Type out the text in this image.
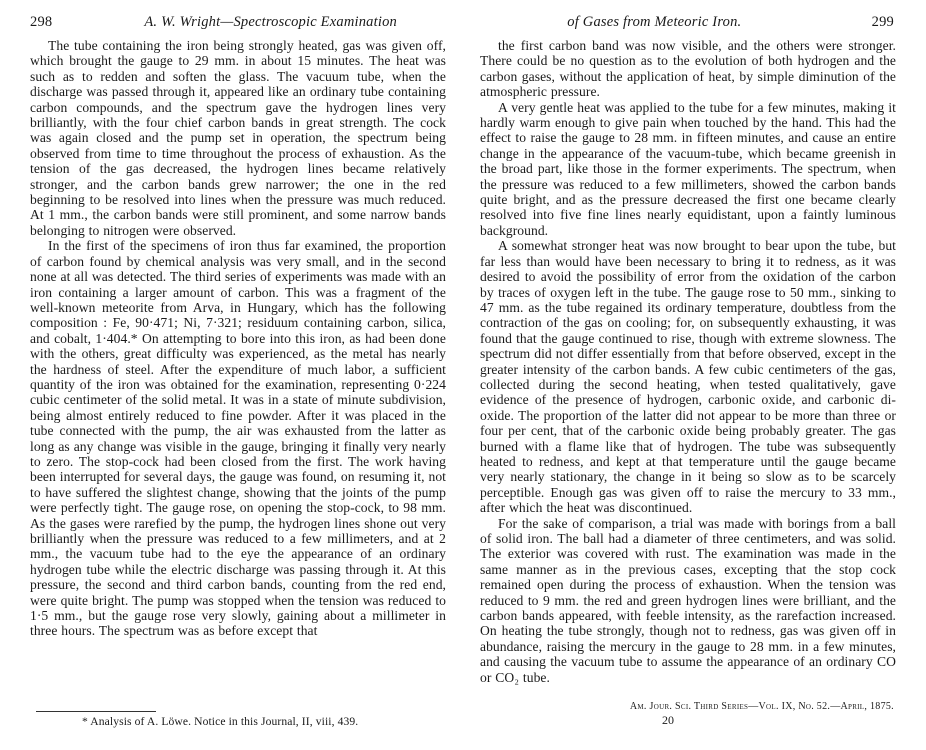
298	A. W. Wright—Spectroscopic Examination	of Gases from Meteoric Iron.	299

The tube containing the iron being strongly heated, gas was given off, which brought the gauge to 29 mm. in about 15 minutes. The heat was such as to redden and soften the glass. The vacuum tube, when the discharge was passed through it, appeared like an ordinary tube containing carbon compounds, and the spectrum gave the hydrogen lines very brilliantly, with the four chief carbon bands in great strength. The cock was again closed and the pump set in operation, the spectrum being observed from time to time throughout the process of exhaustion. As the tension of the gas decreased, the hydrogen lines became relatively stronger, and the carbon bands grew narrower; the one in the red beginning to be resolved into lines when the pressure was much reduced. At 1 mm., the carbon bands were still prominent, and some narrow bands belonging to nitrogen were observed.

In the first of the specimens of iron thus far examined, the proportion of carbon found by chemical analysis was very small, and in the second none at all was detected. The third series of experiments was made with an iron containing a larger amount of carbon. This was a fragment of the well-known meteorite from Arva, in Hungary, which has the following composition : Fe, 90·471; Ni, 7·321; residuum containing carbon, silica, and cobalt, 1·404.* On attempting to bore into this iron, as had been done with the others, great difficulty was experienced, as the metal has nearly the hardness of steel. After the expenditure of much labor, a sufficient quantity of the iron was obtained for the examination, representing 0·224 cubic centimeter of the solid metal. It was in a state of minute subdivision, being almost entirely reduced to fine powder. After it was placed in the tube connected with the pump, the air was exhausted from the latter as long as any change was visible in the gauge, bringing it finally very nearly to zero. The stop-cock had been closed from the first. The work having been interrupted for several days, the gauge was found, on resuming it, not to have suffered the slightest change, showing that the joints of the pump were perfectly tight. The gauge rose, on opening the stop-cock, to 98 mm. As the gases were rarefied by the pump, the hydrogen lines shone out very brilliantly when the pressure was reduced to a few millimeters, and at 2 mm., the vacuum tube had to the eye the appearance of an ordinary hydrogen tube while the electric discharge was passing through it. At this pressure, the second and third carbon bands, counting from the red end, were quite bright. The pump was stopped when the tension was reduced to 1·5 mm., but the gauge rose very slowly, gaining about a millimeter in three hours. The spectrum was as before except that

* Analysis of A. Löwe. Notice in this Journal, II, viii, 439.

the first carbon band was now visible, and the others were stronger. There could be no question as to the evolution of both hydrogen and the carbon gases, without the application of heat, by simple diminution of the atmospheric pressure.

A very gentle heat was applied to the tube for a few minutes, making it hardly warm enough to give pain when touched by the hand. This had the effect to raise the gauge to 28 mm. in fifteen minutes, and cause an entire change in the appearance of the vacuum-tube, which became greenish in the broad part, like those in the former experiments. The spectrum, when the pressure was reduced to a few millimeters, showed the carbon bands quite bright, and as the pressure decreased the first one became clearly resolved into five fine lines nearly equidistant, upon a faintly luminous background.

A somewhat stronger heat was now brought to bear upon the tube, but far less than would have been necessary to bring it to redness, as it was desired to avoid the possibility of error from the oxidation of the carbon by traces of oxygen left in the tube. The gauge rose to 50 mm., sinking to 47 mm. as the tube regained its ordinary temperature, doubtless from the contraction of the gas on cooling; for, on subsequently exhausting, it was found that the gauge continued to rise, though with extreme slowness. The spectrum did not differ essentially from that before observed, except in the greater intensity of the carbon bands. A few cubic centimeters of the gas, collected during the second heating, when tested qualitatively, gave evidence of the presence of hydrogen, carbonic oxide, and carbonic di-oxide. The proportion of the latter did not appear to be more than three or four per cent, that of the carbonic oxide being probably greater. The gas burned with a flame like that of hydrogen. The tube was subsequently heated to redness, and kept at that temperature until the gauge became very nearly stationary, the change in it being so slow as to be scarcely perceptible. Enough gas was given off to raise the mercury to 33 mm., after which the heat was discontinued.

For the sake of comparison, a trial was made with borings from a ball of solid iron. The ball had a diameter of three centimeters, and was solid. The exterior was covered with rust. The examination was made in the same manner as in the previous cases, excepting that the stop cock remained open during the process of exhaustion. When the tension was reduced to 9 mm. the red and green hydrogen lines were brilliant, and the carbon bands appeared, with feeble intensity, as the rarefaction increased. On heating the tube strongly, though not to redness, gas was given off in abundance, raising the mercury in the gauge to 28 mm. in a few minutes, and causing the vacuum tube to assume the appearance of an ordinary CO or CO₂ tube.

Am. Jour. Sci. Third Series—Vol. IX, No. 52.—April, 1875.

20
